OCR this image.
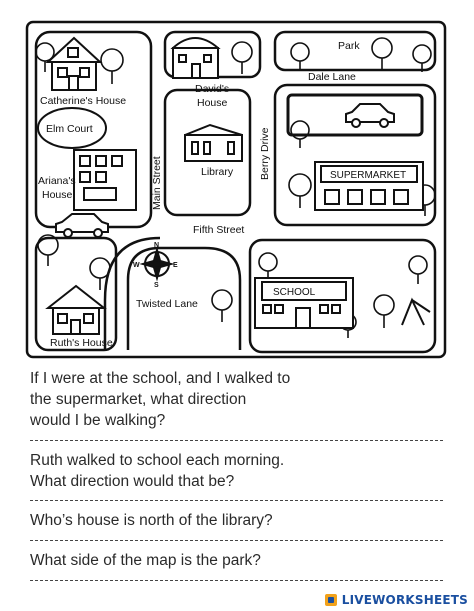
Park
Dale Lane
Catherine's House
David's
House
Elm Court
Ariana's
House	Main Street	Library Berry Drive	SUPERMARKET
Fifth Street
SCHOOL
Twisted Lane
Ruth's House
N
S
E
W
If I were at the school, and I walked to
the supermarket, what direction
would I be walking?
Ruth walked to school each morning.
What direction would that be?
Who’s house is north of the library?
What side of the map is the park?
LIVEWORKSHEETS
